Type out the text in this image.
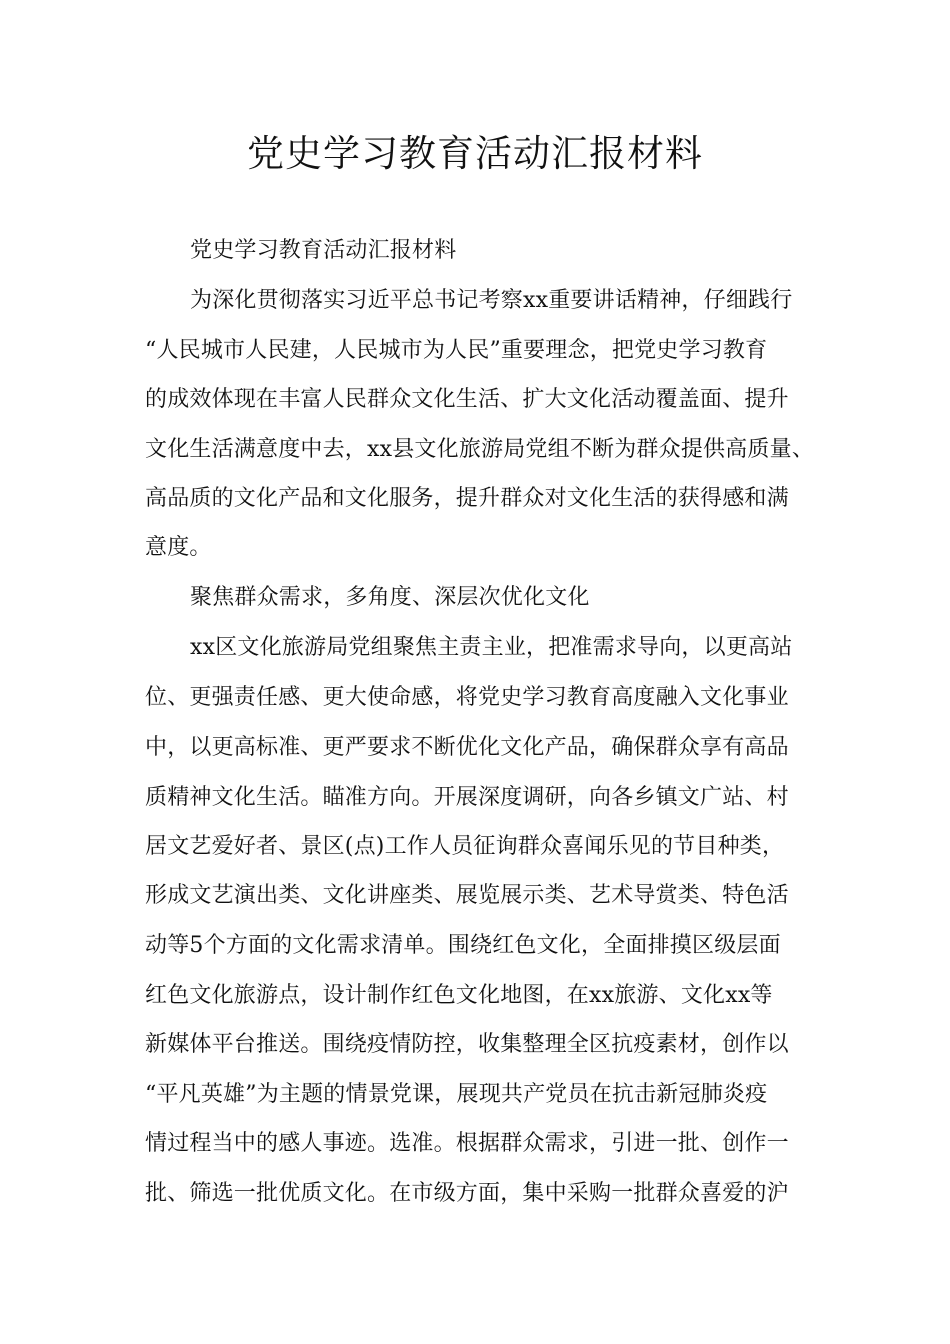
党史学习教育活动汇报材料
党史学习教育活动汇报材料
为深化贯彻落实习近平总书记考察xx重要讲话精神，仔细践行
“人民城市人民建，人民城市为人民”重要理念，把党史学习教育
的成效体现在丰富人民群众文化生活、扩大文化活动覆盖面、提升
文化生活满意度中去，xx县文化旅游局党组不断为群众提供高质量、
高品质的文化产品和文化服务，提升群众对文化生活的获得感和满
意度。
聚焦群众需求，多角度、深层次优化文化
xx区文化旅游局党组聚焦主责主业，把准需求导向，以更高站
位、更强责任感、更大使命感，将党史学习教育高度融入文化事业
中，以更高标准、更严要求不断优化文化产品，确保群众享有高品
质精神文化生活。瞄准方向。开展深度调研，向各乡镇文广站、村
居文艺爱好者、景区(点)工作人员征询群众喜闻乐见的节目种类，
形成文艺演出类、文化讲座类、展览展示类、艺术导赏类、特色活
动等5个方面的文化需求清单。围绕红色文化，全面排摸区级层面
红色文化旅游点，设计制作红色文化地图，在xx旅游、文化xx等
新媒体平台推送。围绕疫情防控，收集整理全区抗疫素材，创作以
“平凡英雄”为主题的情景党课，展现共产党员在抗击新冠肺炎疫
情过程当中的感人事迹。选准。根据群众需求，引进一批、创作一
批、筛选一批优质文化。在市级方面，集中采购一批群众喜爱的沪
